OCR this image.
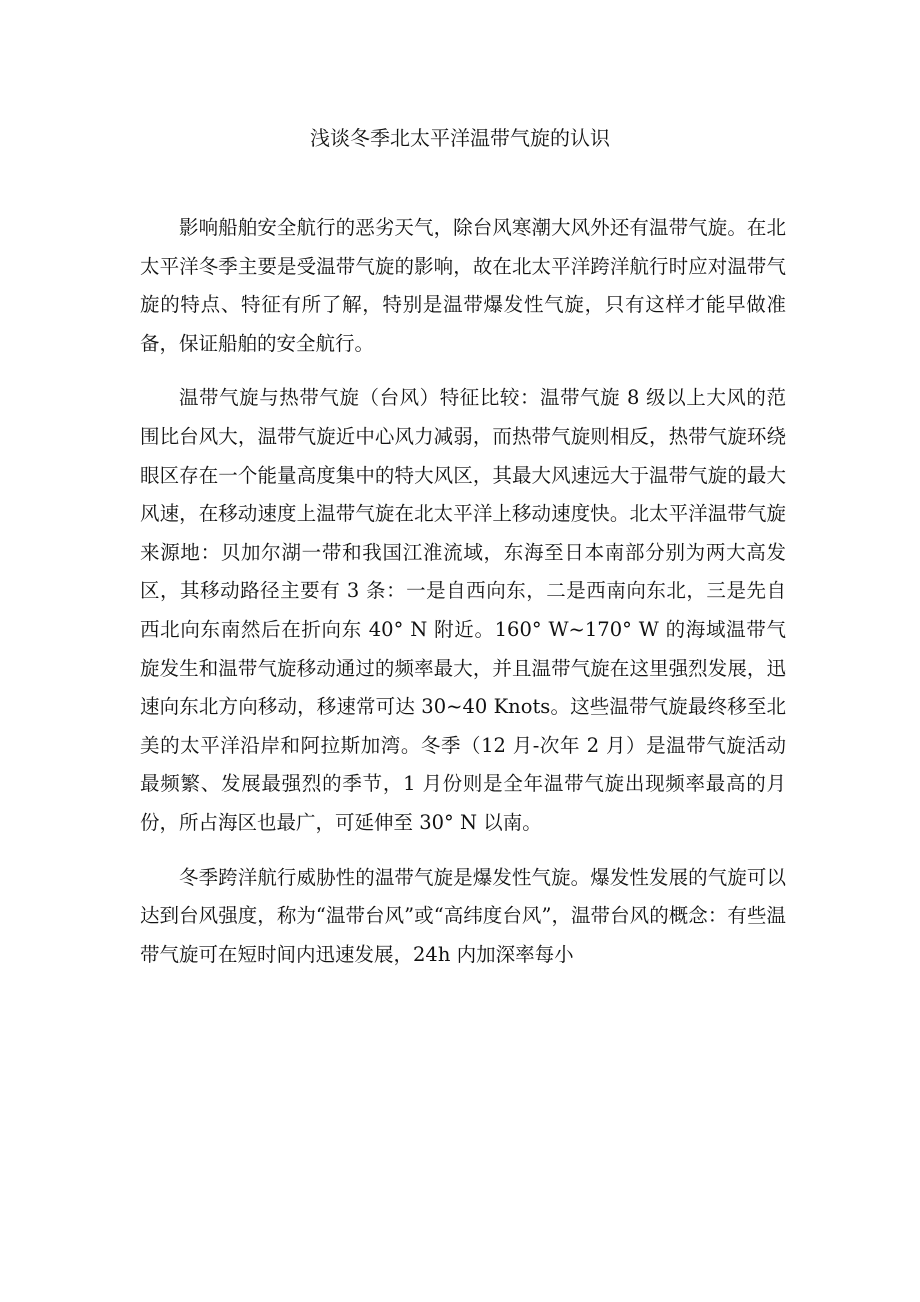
浅谈冬季北太平洋温带气旋的认识

影响船舶安全航行的恶劣天气，除台风寒潮大风外还有温带气旋。在北太平洋冬季主要是受温带气旋的影响，故在北太平洋跨洋航行时应对温带气旋的特点、特征有所了解，特别是温带爆发性气旋，只有这样才能早做准备，保证船舶的安全航行。

温带气旋与热带气旋（台风）特征比较：温带气旋 8 级以上大风的范围比台风大，温带气旋近中心风力减弱，而热带气旋则相反，热带气旋环绕眼区存在一个能量高度集中的特大风区，其最大风速远大于温带气旋的最大风速，在移动速度上温带气旋在北太平洋上移动速度快。北太平洋温带气旋来源地：贝加尔湖一带和我国江淮流域，东海至日本南部分别为两大高发区，其移动路径主要有 3 条：一是自西向东，二是西南向东北，三是先自西北向东南然后在折向东 40° N 附近。160° W~170° W 的海域温带气旋发生和温带气旋移动通过的频率最大，并且温带气旋在这里强烈发展，迅速向东北方向移动，移速常可达 30~40 Knots。这些温带气旋最终移至北美的太平洋沿岸和阿拉斯加湾。冬季（12 月-次年 2 月）是温带气旋活动最频繁、发展最强烈的季节，1 月份则是全年温带气旋出现频率最高的月份，所占海区也最广，可延伸至 30° N 以南。

冬季跨洋航行威胁性的温带气旋是爆发性气旋。爆发性发展的气旋可以达到台风强度，称为“温带台风”或“高纬度台风”，温带台风的概念：有些温带气旋可在短时间内迅速发展，24h 内加深率每小
